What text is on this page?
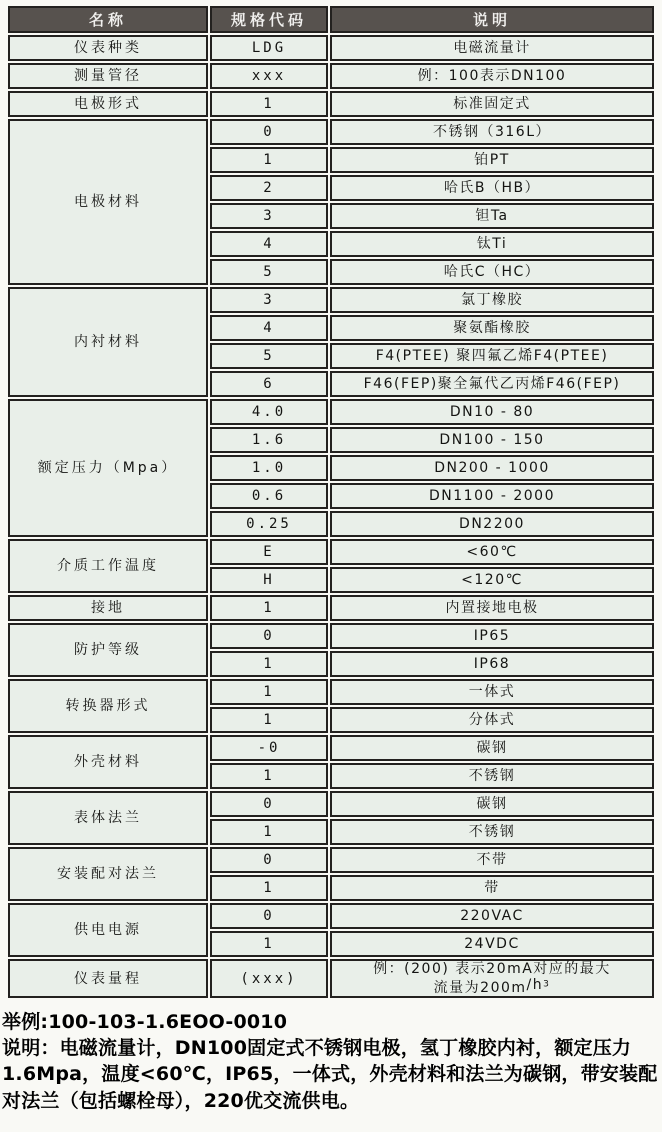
名称	规格代码	说明
仪表种类	LDG	电磁流量计
测量管径	xxx	例：100表示DN100
电极形式	1	标准固定式
电极材料	0	不锈钢（316L）
	1	铂PT
	2	哈氏B（HB）
	3	钽Ta
	4	钛Ti
	5	哈氏C（HC）
内衬材料	3	氯丁橡胶
	4	聚氨酯橡胶
	5	F4(PTEE) 聚四氟乙烯F4(PTEE)
	6	F46(FEP)聚全氟代乙丙烯F46(FEP)
额定压力（Mpa）	4.0	DN10 - 80
	1.6	DN100 - 150
	1.0	DN200 - 1000
	0.6	DN1100 - 2000
	0.25	DN2200
介质工作温度	E	<60℃
	H	<120℃
接地	1	内置接地电极
防护等级	0	IP65
	1	IP68
转换器形式	1	一体式
	1	分体式
外壳材料	-0	碳钢
	1	不锈钢
表体法兰	0	碳钢
	1	不锈钢
安装配对法兰	0	不带
	1	带
供电电源	0	220VAC
	1	24VDC
仪表量程	(xxx)	例：(200) 表示20mA对应的最大
流量为$200m/h^3$
举例:100-103-1.6EOO-0010
说明：电磁流量计，DN100固定式不锈钢电极，氢丁橡胶内衬，额定压力1.6Mpa，温度<60℃，IP65，一体式，外壳材料和法兰为碳钢，带安装配对法兰（包括螺栓母），220优交流供电。
